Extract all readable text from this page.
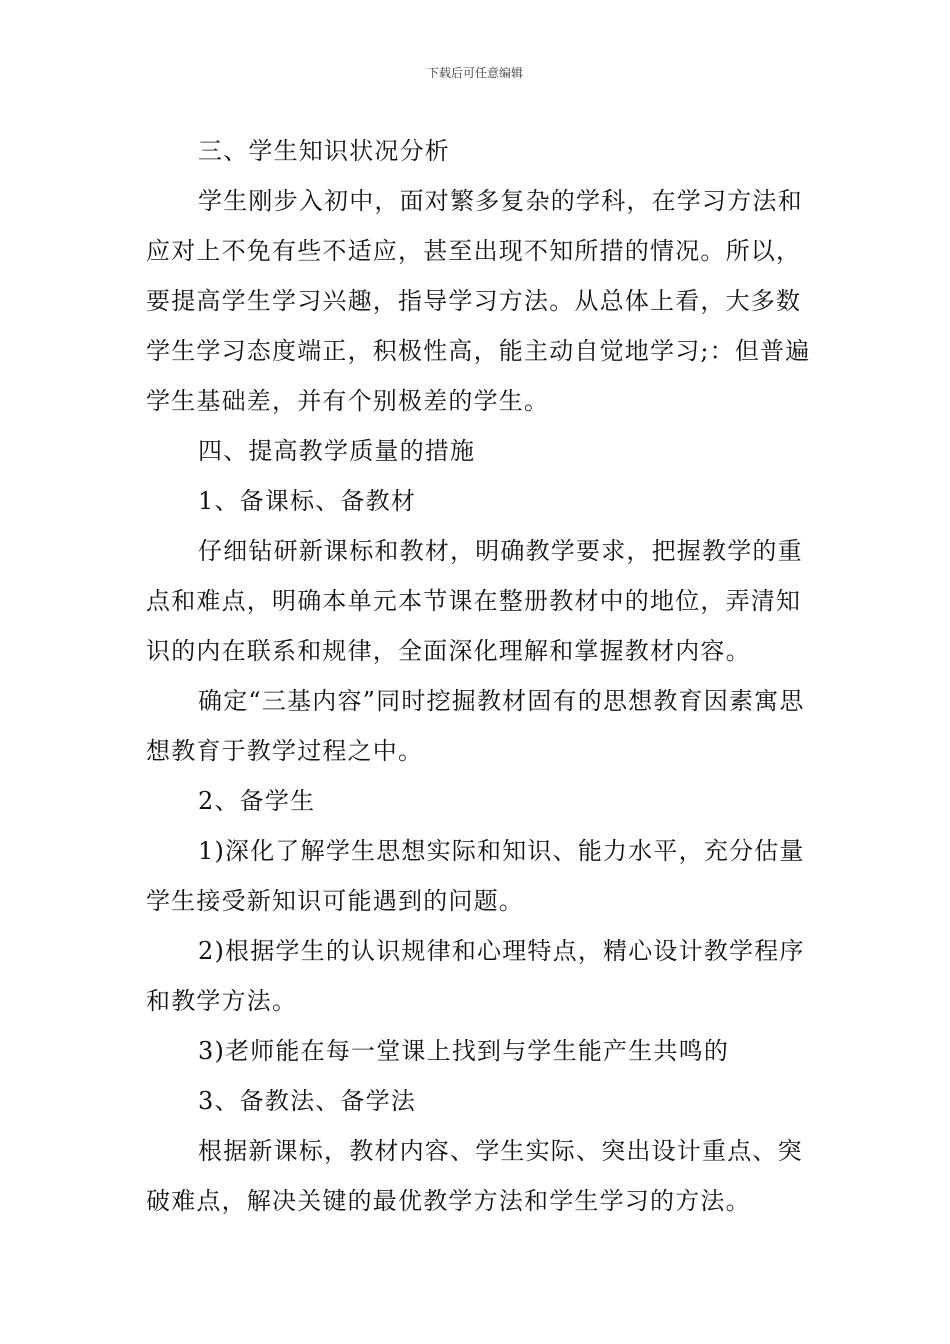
下载后可任意编辑

三、学生知识状况分析

学生刚步入初中，面对繁多复杂的学科，在学习方法和应对上不免有些不适应，甚至出现不知所措的情况。所以，要提高学生学习兴趣，指导学习方法。从总体上看，大多数学生学习态度端正，积极性高，能主动自觉地学习;：但普遍学生基础差，并有个别极差的学生。

四、提高教学质量的措施

1、备课标、备教材

仔细钻研新课标和教材，明确教学要求，把握教学的重点和难点，明确本单元本节课在整册教材中的地位，弄清知识的内在联系和规律，全面深化理解和掌握教材内容。

确定“三基内容”同时挖掘教材固有的思想教育因素寓思想教育于教学过程之中。

2、备学生

1)深化了解学生思想实际和知识、能力水平，充分估量学生接受新知识可能遇到的问题。

2)根据学生的认识规律和心理特点，精心设计教学程序和教学方法。

3)老师能在每一堂课上找到与学生能产生共鸣的

3、备教法、备学法

根据新课标，教材内容、学生实际、突出设计重点、突破难点，解决关键的最优教学方法和学生学习的方法。
